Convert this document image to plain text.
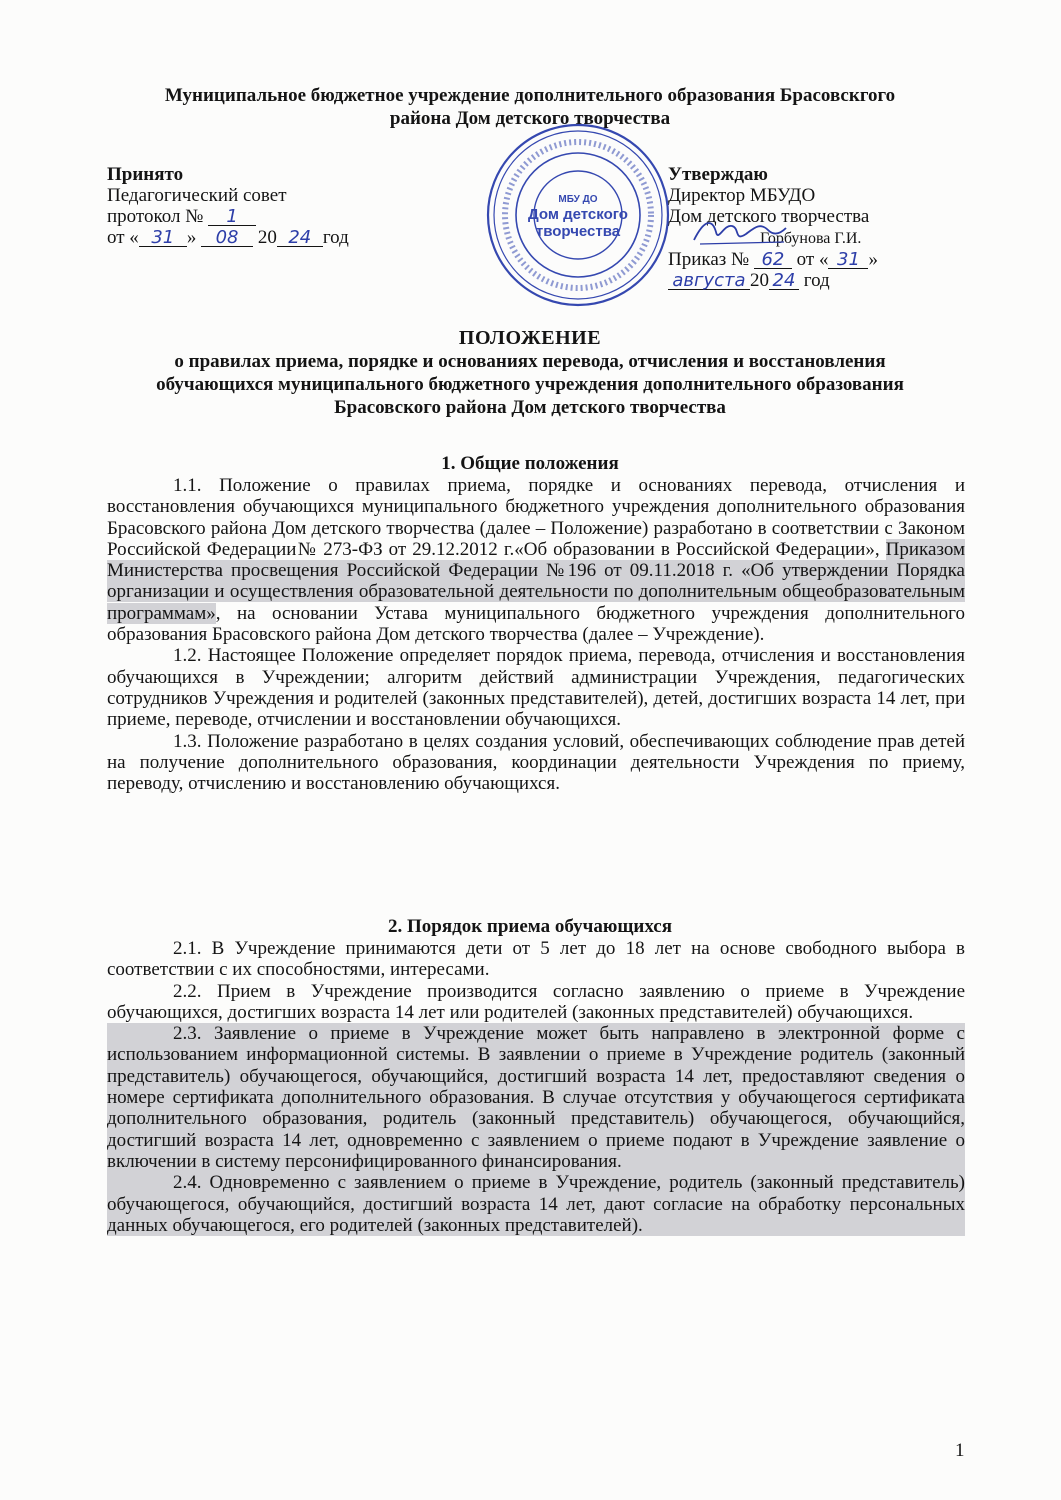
Муниципальное бюджетное учреждение дополнительного образования Брасовскгого
района Дом детского творчества
Принято
Педагогический совет
протокол № 1
от « 31 » 08 20 24 год
Утверждаю
Директор МБУДО
Дом детского творчества
Горбунова Г.И.
Приказ № 62 от « 31 »
августа 20 24 год
МБУ ДО
Дом детского
творчества
ПОЛОЖЕНИЕ
о правилах приема, порядке и основаниях перевода, отчисления и восстановления
обучающихся муниципального бюджетного учреждения дополнительного образования
Брасовского района Дом детского творчества
1. Общие положения

1.1. Положение о правилах приема, порядке и основаниях перевода, отчисления и восстановления обучающихся муниципального бюджетного учреждения дополнительного образования Брасовского района Дом детского творчества (далее – Положение) разработано в соответствии с Законом Российской Федерации№ 273-ФЗ от 29.12.2012 г.«Об образовании в Российской Федерации», Приказом Министерства просвещения Российской Федерации №196 от 09.11.2018 г. «Об утверждении Порядка организации и осуществления образовательной деятельности по дополнительным общеобразовательным программам», на основании Устава муниципального бюджетного учреждения дополнительного образования Брасовского района Дом детского творчества (далее – Учреждение).

1.2. Настоящее Положение определяет порядок приема, перевода, отчисления и восстановления обучающихся в Учреждении; алгоритм действий администрации Учреждения, педагогических сотрудников Учреждения и родителей (законных представителей), детей, достигших возраста 14 лет, при приеме, переводе, отчислении и восстановлении обучающихся.

1.3. Положение разработано в целях создания условий, обеспечивающих соблюдение прав детей на получение дополнительного образования, координации деятельности Учреждения по приему, переводу, отчислению и восстановлению обучающихся.

2. Порядок приема обучающихся

2.1. В Учреждение принимаются дети от 5 лет до 18 лет на основе свободного выбора в соответствии с их способностями, интересами.

2.2. Прием в Учреждение производится согласно заявлению о приеме в Учреждение обучающихся, достигших возраста 14 лет или родителей (законных представителей) обучающихся.

2.3. Заявление о приеме в Учреждение может быть направлено в электронной форме с использованием информационной системы. В заявлении о приеме в Учреждение родитель (законный представитель) обучающегося, обучающийся, достигший возраста 14 лет, предоставляют сведения о номере сертификата дополнительного образования. В случае отсутствия у обучающегося сертификата дополнительного образования, родитель (законный представитель) обучающегося, обучающийся, достигший возраста 14 лет, одновременно с заявлением о приеме подают в Учреждение заявление о включении в систему персонифицированного финансирования.

2.4. Одновременно с заявлением о приеме в Учреждение, родитель (законный представитель) обучающегося, обучающийся, достигший возраста 14 лет, дают согласие на обработку персональных данных обучающегося, его родителей (законных представителей).

1
